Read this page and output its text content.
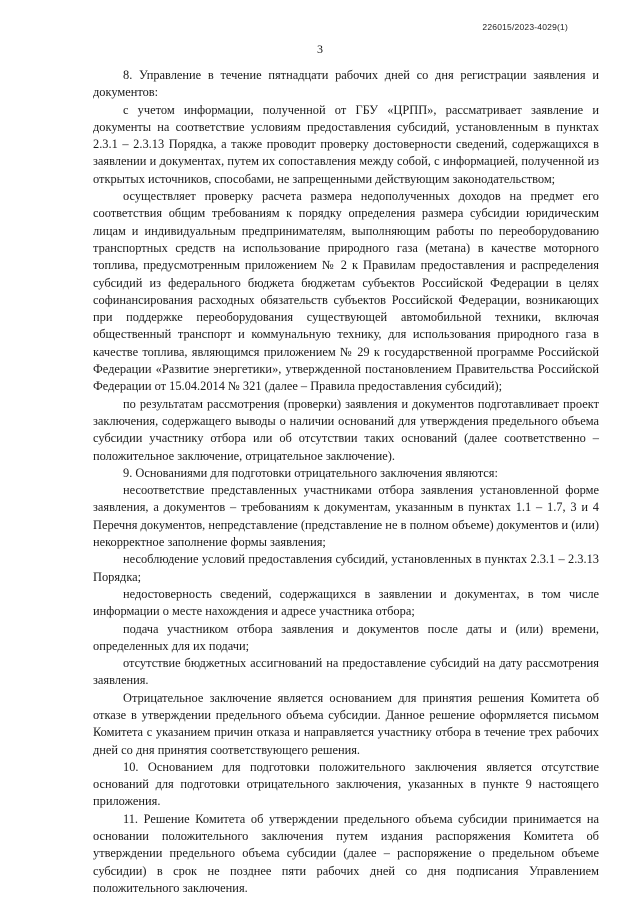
226015/2023-4029(1)
3

8. Управление в течение пятнадцати рабочих дней со дня регистрации заявления и документов:

с учетом информации, полученной от ГБУ «ЦРПП», рассматривает заявление и документы на соответствие условиям предоставления субсидий, установленным в пунктах 2.3.1 – 2.3.13 Порядка, а также проводит проверку достоверности сведений, содержащихся в заявлении и документах, путем их сопоставления между собой, с информацией, полученной из открытых источников, способами, не запрещенными действующим законодательством;

осуществляет проверку расчета размера недополученных доходов на предмет его соответствия общим требованиям к порядку определения размера субсидии юридическим лицам и индивидуальным предпринимателям, выполняющим работы по переоборудованию транспортных средств на использование природного газа (метана) в качестве моторного топлива, предусмотренным приложением № 2 к Правилам предоставления и распределения субсидий из федерального бюджета бюджетам субъектов Российской Федерации в целях софинансирования расходных обязательств субъектов Российской Федерации, возникающих при поддержке переоборудования существующей автомобильной техники, включая общественный транспорт и коммунальную технику, для использования природного газа в качестве топлива, являющимся приложением № 29 к государственной программе Российской Федерации «Развитие энергетики», утвержденной постановлением Правительства Российской Федерации от 15.04.2014 № 321 (далее – Правила предоставления субсидий);

по результатам рассмотрения (проверки) заявления и документов подготавливает проект заключения, содержащего выводы о наличии оснований для утверждения предельного объема субсидии участнику отбора или об отсутствии таких оснований (далее соответственно – положительное заключение, отрицательное заключение).

9. Основаниями для подготовки отрицательного заключения являются:

несоответствие представленных участниками отбора заявления установленной форме заявления, а документов – требованиям к документам, указанным в пунктах 1.1 – 1.7, 3 и 4 Перечня документов, непредставление (представление не в полном объеме) документов и (или) некорректное заполнение формы заявления;

несоблюдение условий предоставления субсидий, установленных в пунктах 2.3.1 – 2.3.13 Порядка;

недостоверность сведений, содержащихся в заявлении и документах, в том числе информации о месте нахождения и адресе участника отбора;

подача участником отбора заявления и документов после даты и (или) времени, определенных для их подачи;

отсутствие бюджетных ассигнований на предоставление субсидий на дату рассмотрения заявления.

Отрицательное заключение является основанием для принятия решения Комитета об отказе в утверждении предельного объема субсидии. Данное решение оформляется письмом Комитета с указанием причин отказа и направляется участнику отбора в течение трех рабочих дней со дня принятия соответствующего решения.

10. Основанием для подготовки положительного заключения является отсутствие оснований для подготовки отрицательного заключения, указанных в пункте 9 настоящего приложения.

11. Решение Комитета об утверждении предельного объема субсидии принимается на основании положительного заключения путем издания распоряжения Комитета об утверждении предельного объема субсидии (далее – распоряжение о предельном объеме субсидии) в срок не позднее пяти рабочих дней со дня подписания Управлением положительного заключения.
